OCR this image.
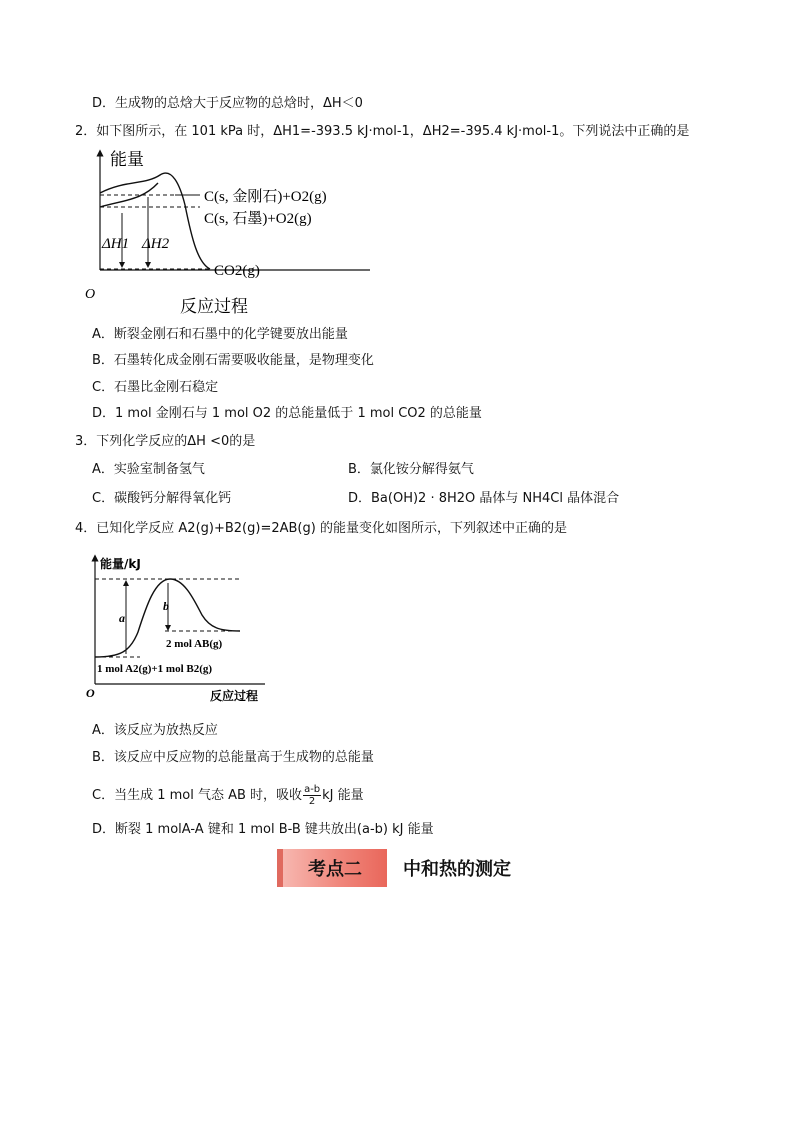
D．生成物的总焓大于反应物的总焓时，ΔH＜0
2．如下图所示，在 101 kPa 时，ΔH1=-393.5 kJ·mol-1，ΔH2=-395.4 kJ·mol-1。下列说法中正确的是
能量
O
反应过程
ΔH1 ΔH2
C(s, 金刚石)+O2(g)
C(s, 石墨)+O2(g)
CO2(g)
A．断裂金刚石和石墨中的化学键要放出能量
B．石墨转化成金刚石需要吸收能量，是物理变化
C．石墨比金刚石稳定
D．1 mol 金刚石与 1 mol O2 的总能量低于 1 mol CO2 的总能量
3．下列化学反应的ΔH <0的是
A．实验室制备氢气	B．氯化铵分解得氨气
C．碳酸钙分解得氧化钙	D．Ba(OH)2 · 8H2O 晶体与 NH4Cl 晶体混合
4．已知化学反应 A2(g)+B2(g)=2AB(g) 的能量变化如图所示，下列叙述中正确的是
能量/kJ
O	反应过程
a
b
2 mol AB(g)
1 mol A2(g)+1 mol B2(g)
A．该反应为放热反应
B．该反应中反应物的总能量高于生成物的总能量
C．当生成 1 mol 气态 AB 时，吸收 $\frac{a-b}{2}$ kJ 能量
D．断裂 1 molA-A 键和 1 mol B-B 键共放出(a-b) kJ 能量
考点二	中和热的测定
